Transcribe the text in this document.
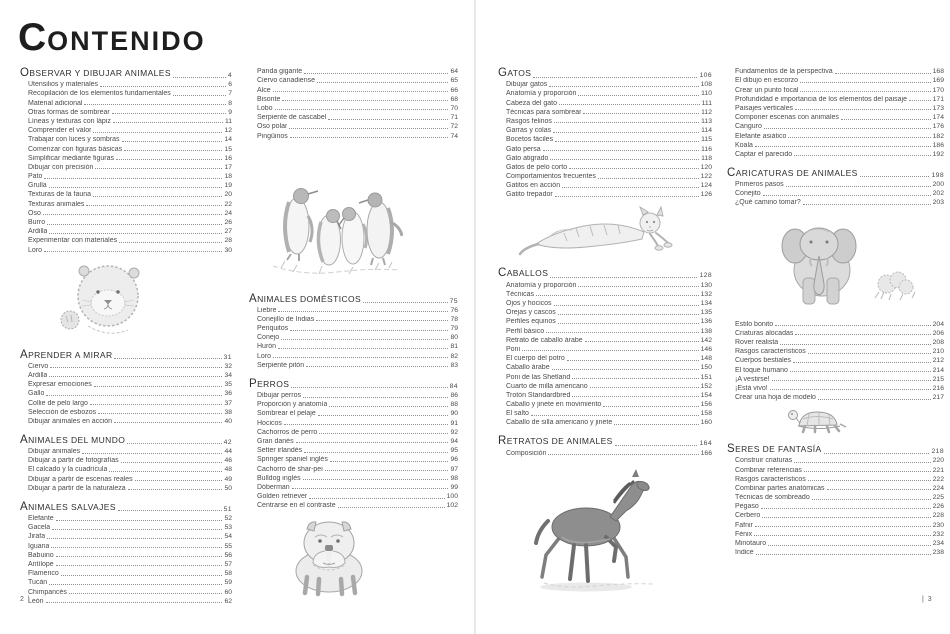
CONTENIDO
OBSERVAR Y DIBUJAR ANIMALES	4
Utensilios y materiales	6
Recopilación de los elementos fundamentales	7
Material adicional	8
Otras formas de sombrear	9
Líneas y texturas con lápiz	11
Comprender el valor	12
Trabajar con luces y sombras	14
Comenzar con figuras básicas	15
Simplificar mediante figuras	16
Dibujar con precisión	17
Pato	18
Grulla	19
Texturas de la fauna	20
Texturas animales	22
Oso	24
Burro	26
Ardilla	27
Experimentar con materiales	28
Loro	30
APRENDER A MIRAR	31
Ciervo	32
Ardilla	34
Expresar emociones	35
Gallo	36
Collie de pelo largo	37
Selección de esbozos	38
Dibujar animales en acción	40
ANIMALES DEL MUNDO	42
Dibujar animales	44
Dibujar a partir de fotografías	46
El calcado y la cuadrícula	48
Dibujar a partir de escenas reales	49
Dibujar a partir de la naturaleza	50
ANIMALES SALVAJES	51
Elefante	52
Gacela	53
Jirafa	54
Iguana	55
Babuino	56
Antílope	57
Flamenco	58
Tucán	59
Chimpancés	60
León	62
Panda gigante	64
Ciervo canadiense	65
Alce	66
Bisonte	68
Lobo	70
Serpiente de cascabel	71
Oso polar	72
Pingüinos	74
ANIMALES DOMÉSTICOS	75
Liebre	76
Conejillo de Indias	78
Periquitos	79
Conejo	80
Hurón	81
Loro	82
Serpiente pitón	83
PERROS	84
Dibujar perros	86
Proporción y anatomía	88
Sombrear el pelaje	90
Hocicos	91
Cachorros de perro	92
Gran danés	94
Setter irlandés	95
Springer spaniel inglés	96
Cachorro de shar-pei	97
Bulldog inglés	98
Dóberman	99
Golden retriever	100
Centrarse en el contraste	102
GATOS	106
Dibujar gatos	108
Anatomía y proporción	110
Cabeza del gato	111
Técnicas para sombrear	112
Rasgos felinos	113
Garras y colas	114
Bocetos fáciles	115
Gato persa	116
Gato atigrado	118
Gatos de pelo corto	120
Comportamientos frecuentes	122
Gatitos en acción	124
Gatito trepador	126
CABALLOS	128
Anatomía y proporción	130
Técnicas	132
Ojos y hocicos	134
Orejas y cascos	135
Perfiles equinos	136
Perfil básico	138
Retrato de caballo árabe	142
Poni	146
El cuerpo del potro	148
Caballo árabe	150
Poni de las Shetland	151
Cuarto de milla americano	152
Trotón Standardbred	154
Caballo y jinete en movimiento	156
El salto	158
Caballo de silla americano y jinete	160
RETRATOS DE ANIMALES	164
Composición	166
Fundamentos de la perspectiva	168
El dibujo en escorzo	169
Crear un punto focal	170
Profundidad e importancia de los elementos del paisaje	171
Paisajes verticales	173
Componer escenas con animales	174
Canguro	176
Elefante asiático	182
Koala	186
Captar el parecido	192
CARICATURAS DE ANIMALES	198
Primeros pasos	200
Conejito	202
¿Qué camino tomar?	203
Estilo bonito	204
Criaturas alocadas	206
Rover realista	208
Rasgos característicos	210
Cuerpos bestiales	212
El toque humano	214
¡A vestirse!	215
¡Está vivo!	216
Crear una hoja de modelo	217
SERES DE FANTASÍA	218
Construir criaturas	220
Combinar referencias	221
Rasgos característicos	222
Combinar partes anatómicas	224
Técnicas de sombreado	225
Pegaso	226
Cerbero	228
Fafnir	230
Fénix	232
Minotauro	234
Índice	238
2 |	| 3
